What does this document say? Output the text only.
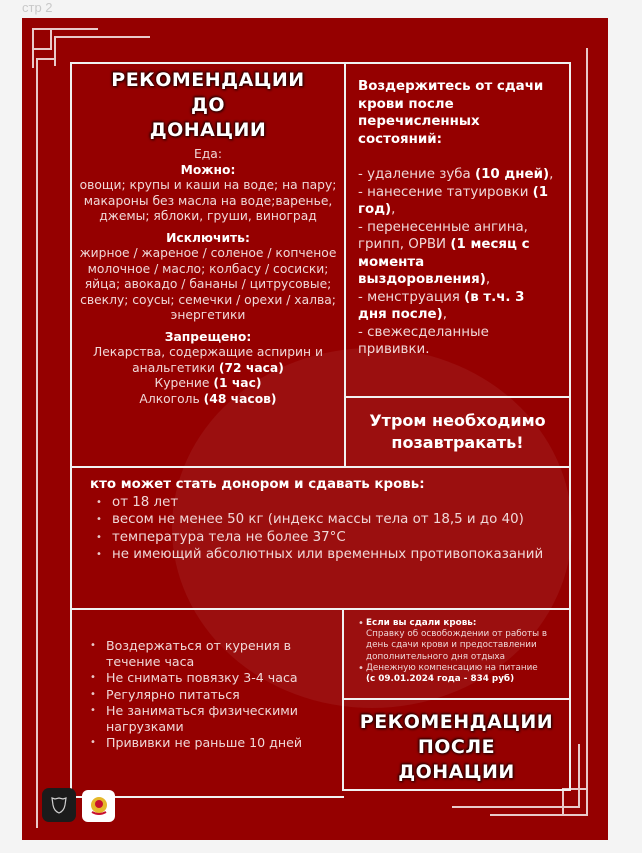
стр 2
РЕКОМЕНДАЦИИ
ДО
ДОНАЦИИ
Еда:
Можно:
овощи; крупы и каши на воде; на пару; макароны без масла на воде;варенье, джемы; яблоки, груши, виноград
Исключить:
жирное / жареное / соленое / копченое молочное / масло; колбасу / сосиски; яйца; авокадо / бананы / цитрусовые; свеклу; соусы; семечки / орехи / халва; энергетики
Запрещено:
Лекарства, содержащие аспирин и анальгетики (72 часа)
Курение (1 час)
Алкоголь (48 часов)
Воздержитесь от сдачи крови после перечисленных состояний:
- удаление зуба (10 дней),
- нанесение татуировки (1 год),
- перенесенные ангина, грипп, ОРВИ (1 месяц с момента выздоровления),
- менструация (в т.ч. 3 дня после),
- свежесделанные прививки.
Утром необходимо позавтракать!
кто может стать донором и сдавать кровь:
• от 18 лет
• весом не менее 50 кг (индекс массы тела от 18,5 и до 40)
• температура тела не более 37°С
• не имеющий абсолютных или временных противопоказаний
• Воздержаться от курения в течение часа
• Не снимать повязку 3-4 часа
• Регулярно питаться
• Не заниматься физическими нагрузками
• Прививки не раньше 10 дней
• Если вы сдали кровь:
Справку об освобождении от работы в день сдачи крови и предоставлении дополнительного дня отдыха
• Денежную компенсацию на питание
(с 09.01.2024 года - 834 руб)
РЕКОМЕНДАЦИИ
ПОСЛЕ
ДОНАЦИИ
